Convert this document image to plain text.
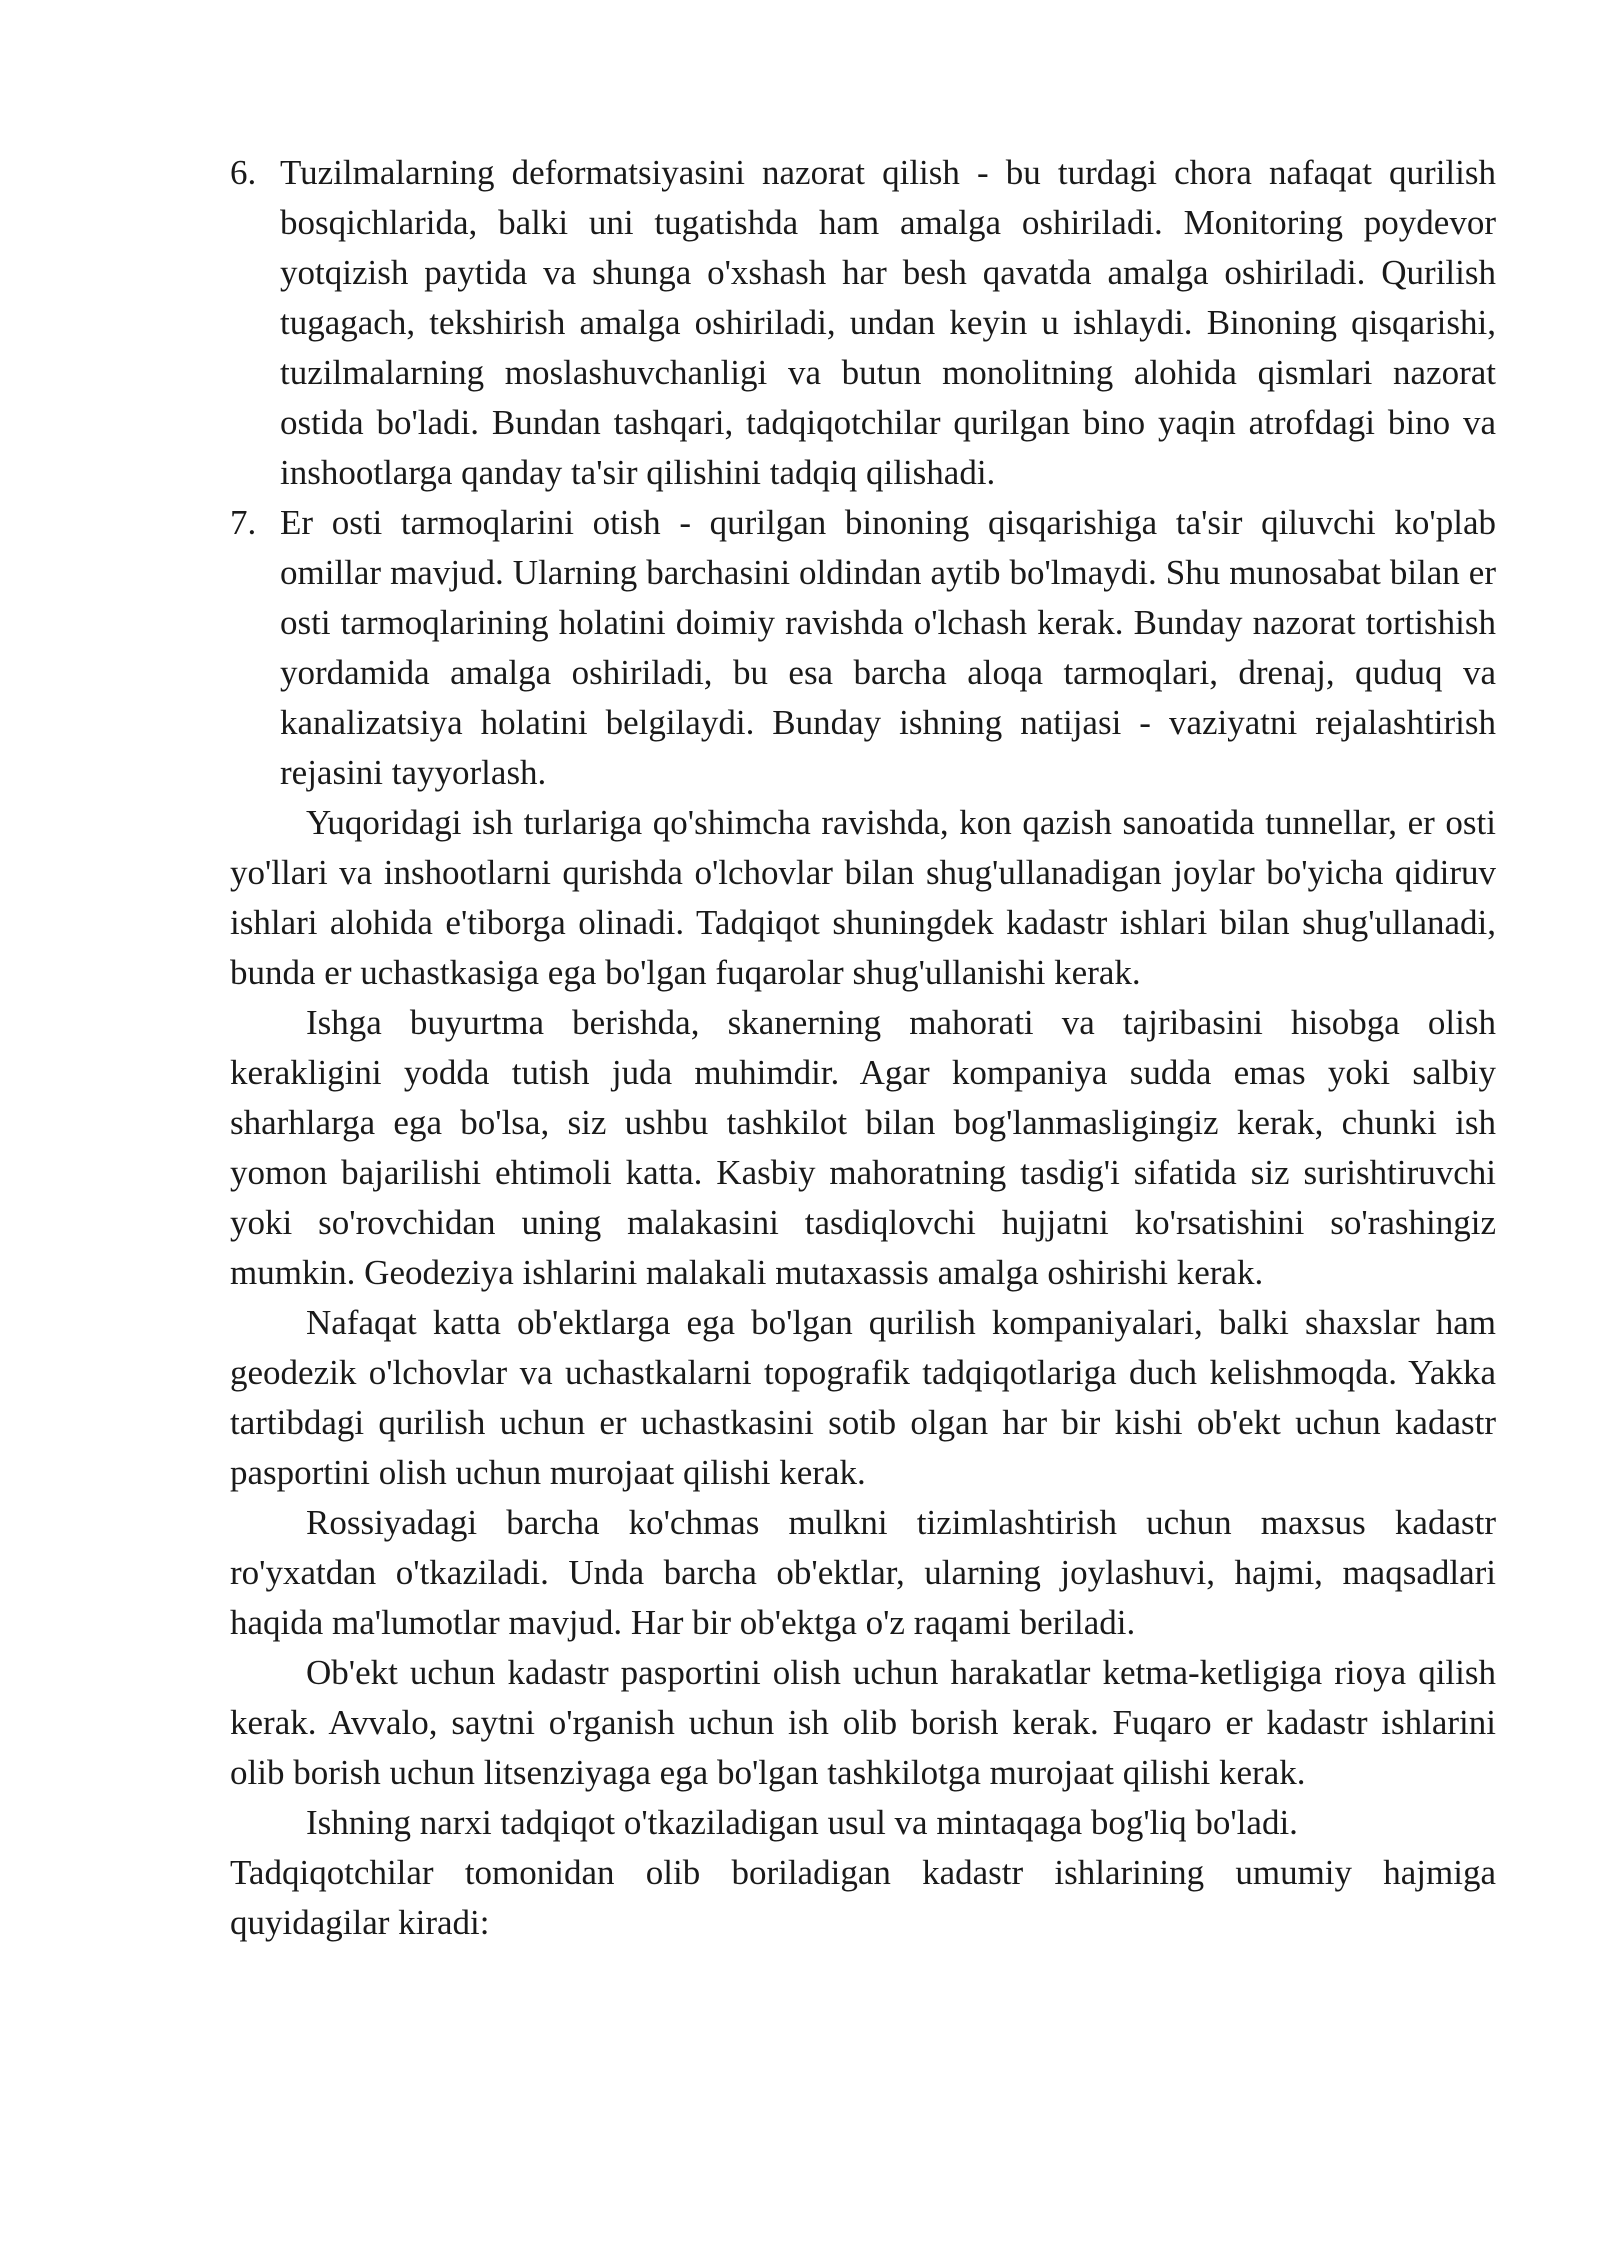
6. Tuzilmalarning deformatsiyasini nazorat qilish - bu turdagi chora nafaqat qurilish bosqichlarida, balki uni tugatishda ham amalga oshiriladi. Monitoring poydevor yotqizish paytida va shunga o'xshash har besh qavatda amalga oshiriladi. Qurilish tugagach, tekshirish amalga oshiriladi, undan keyin u ishlaydi. Binoning qisqarishi, tuzilmalarning moslashuvchanligi va butun monolitning alohida qismlari nazorat ostida bo'ladi. Bundan tashqari, tadqiqotchilar qurilgan bino yaqin atrofdagi bino va inshootlarga qanday ta'sir qilishini tadqiq qilishadi.

7. Er osti tarmoqlarini otish - qurilgan binoning qisqarishiga ta'sir qiluvchi ko'plab omillar mavjud. Ularning barchasini oldindan aytib bo'lmaydi. Shu munosabat bilan er osti tarmoqlarining holatini doimiy ravishda o'lchash kerak. Bunday nazorat tortishish yordamida amalga oshiriladi, bu esa barcha aloqa tarmoqlari, drenaj, quduq va kanalizatsiya holatini belgilaydi. Bunday ishning natijasi - vaziyatni rejalashtirish rejasini tayyorlash.

Yuqoridagi ish turlariga qo'shimcha ravishda, kon qazish sanoatida tunnellar, er osti yo'llari va inshootlarni qurishda o'lchovlar bilan shug'ullanadigan joylar bo'yicha qidiruv ishlari alohida e'tiborga olinadi. Tadqiqot shuningdek kadastr ishlari bilan shug'ullanadi, bunda er uchastkasiga ega bo'lgan fuqarolar shug'ullanishi kerak.

Ishga buyurtma berishda, skanerning mahorati va tajribasini hisobga olish kerakligini yodda tutish juda muhimdir. Agar kompaniya sudda emas yoki salbiy sharhlarga ega bo'lsa, siz ushbu tashkilot bilan bog'lanmasligingiz kerak, chunki ish yomon bajarilishi ehtimoli katta. Kasbiy mahoratning tasdig'i sifatida siz surishtiruvchi yoki so'rovchidan uning malakasini tasdiqlovchi hujjatni ko'rsatishini so'rashingiz mumkin. Geodeziya ishlarini malakali mutaxassis amalga oshirishi kerak.

Nafaqat katta ob'ektlarga ega bo'lgan qurilish kompaniyalari, balki shaxslar ham geodezik o'lchovlar va uchastkalarni topografik tadqiqotlariga duch kelishmoqda. Yakka tartibdagi qurilish uchun er uchastkasini sotib olgan har bir kishi ob'ekt uchun kadastr pasportini olish uchun murojaat qilishi kerak.

Rossiyadagi barcha ko'chmas mulkni tizimlashtirish uchun maxsus kadastr ro'yxatdan o'tkaziladi. Unda barcha ob'ektlar, ularning joylashuvi, hajmi, maqsadlari haqida ma'lumotlar mavjud. Har bir ob'ektga o'z raqami beriladi.

Ob'ekt uchun kadastr pasportini olish uchun harakatlar ketma-ketligiga rioya qilish kerak. Avvalo, saytni o'rganish uchun ish olib borish kerak. Fuqaro er kadastr ishlarini olib borish uchun litsenziyaga ega bo'lgan tashkilotga murojaat qilishi kerak.

Ishning narxi tadqiqot o'tkaziladigan usul va mintaqaga bog'liq bo'ladi.

Tadqiqotchilar tomonidan olib boriladigan kadastr ishlarining umumiy hajmiga quyidagilar kiradi:
